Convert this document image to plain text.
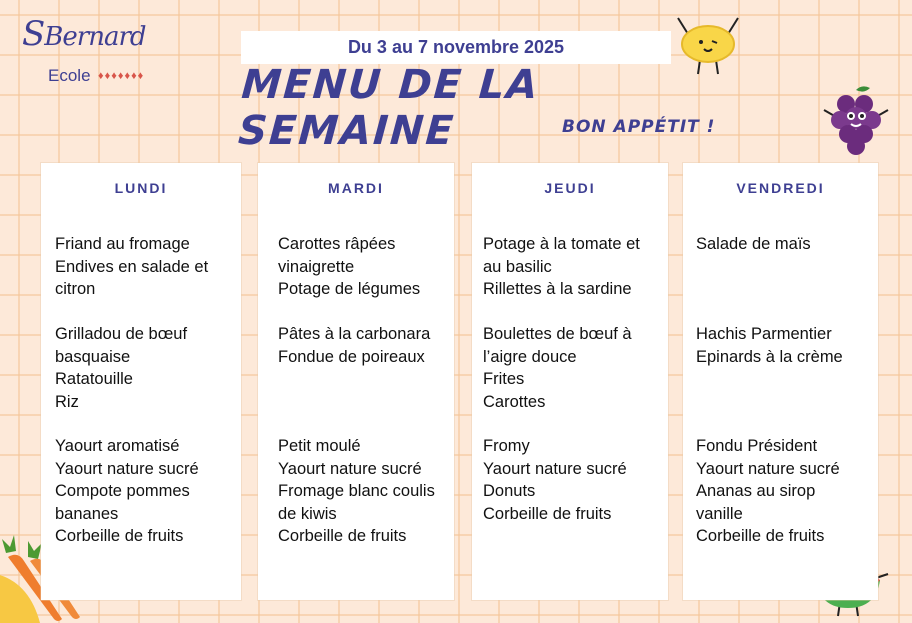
SBernard
Ecole ♦♦♦♦♦♦♦
Du 3 au 7 novembre 2025
MENU DE LA SEMAINE	BON APPÉTIT !
LUNDI
Friand au fromage
Endives en salade et
citron
Grilladou de bœuf
basquaise
Ratatouille
Riz
Yaourt aromatisé
Yaourt nature sucré
Compote pommes
bananes
Corbeille de fruits
MARDI
Carottes râpées
vinaigrette
Potage de légumes
Pâtes à la carbonara
Fondue de poireaux
Petit moulé
Yaourt nature sucré
Fromage blanc coulis
de kiwis
Corbeille de fruits
JEUDI
Potage à la tomate et
au basilic
Rillettes à la sardine
Boulettes de bœuf à
l’aigre douce
Frites
Carottes
Fromy
Yaourt nature sucré
Donuts
Corbeille de fruits
VENDREDI
Salade de maïs
Hachis Parmentier
Epinards à la crème
Fondu Président
Yaourt nature sucré
Ananas au sirop
vanille
Corbeille de fruits
